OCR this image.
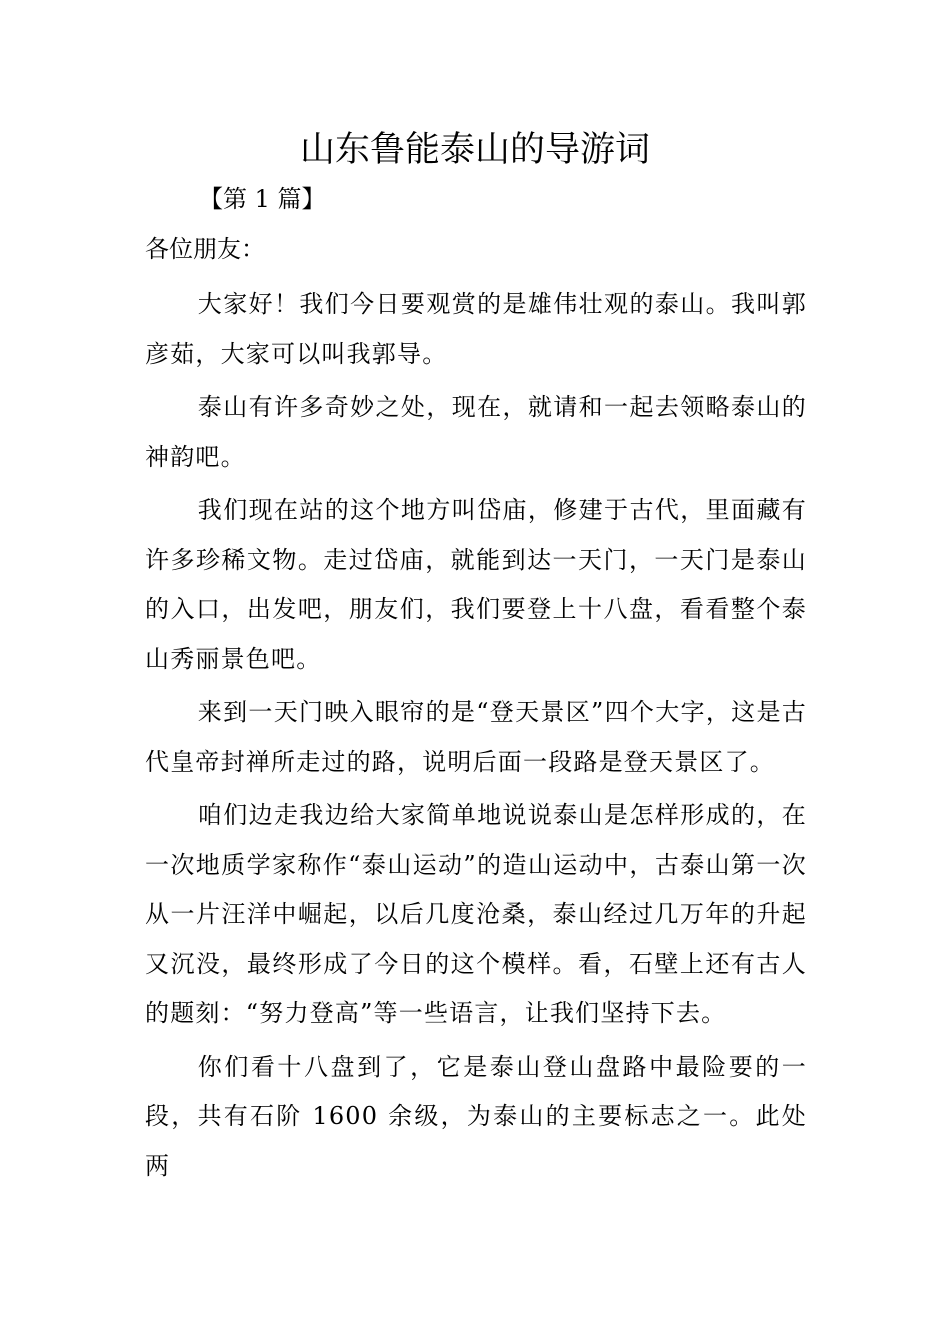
山东鲁能泰山的导游词

【第 1 篇】

各位朋友：

大家好！我们今日要观赏的是雄伟壮观的泰山。我叫郭彦茹，大家可以叫我郭导。

泰山有许多奇妙之处，现在，就请和一起去领略泰山的神韵吧。

我们现在站的这个地方叫岱庙，修建于古代，里面藏有许多珍稀文物。走过岱庙，就能到达一天门，一天门是泰山的入口，出发吧，朋友们，我们要登上十八盘，看看整个泰山秀丽景色吧。

来到一天门映入眼帘的是“登天景区”四个大字，这是古代皇帝封禅所走过的路，说明后面一段路是登天景区了。

咱们边走我边给大家简单地说说泰山是怎样形成的，在一次地质学家称作“泰山运动”的造山运动中，古泰山第一次从一片汪洋中崛起，以后几度沧桑，泰山经过几万年的升起又沉没，最终形成了今日的这个模样。看，石壁上还有古人的题刻：“努力登高”等一些语言，让我们坚持下去。

你们看十八盘到了，它是泰山登山盘路中最险要的一段，共有石阶 1600 余级，为泰山的主要标志之一。此处两
